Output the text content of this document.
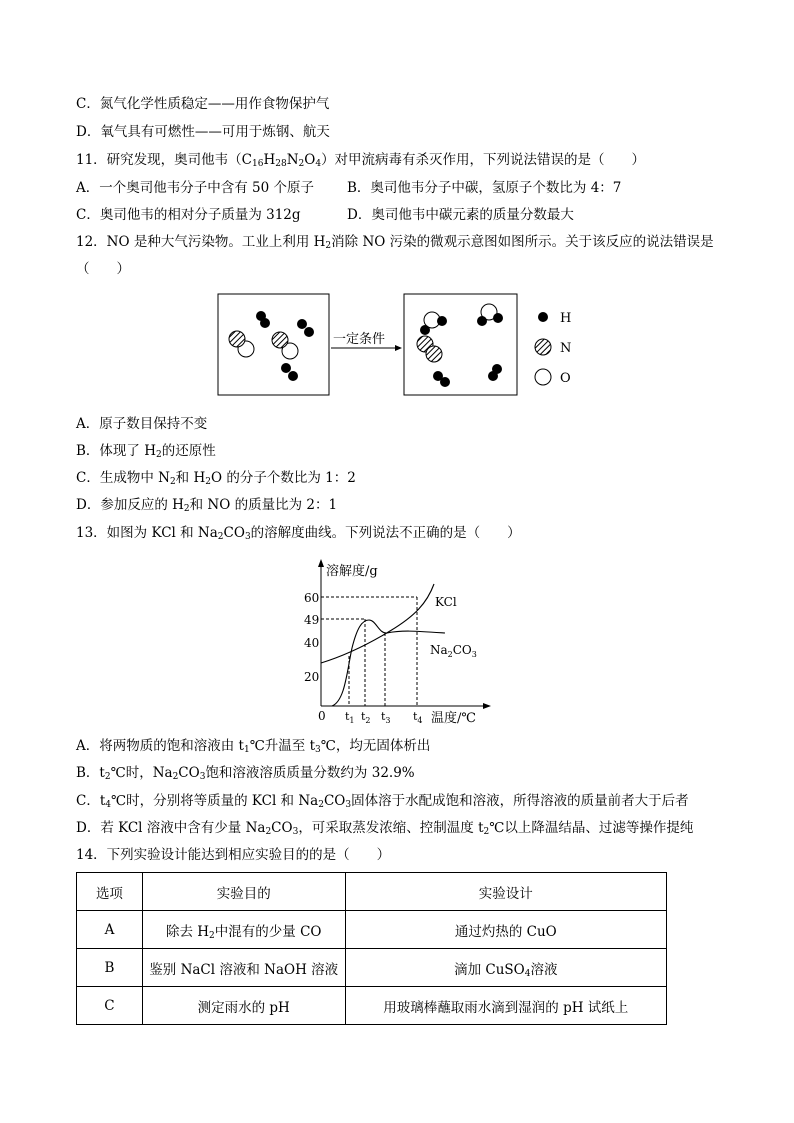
C．氮气化学性质稳定——用作食物保护气
D．氧气具有可燃性——可用于炼钢、航天
11．研究发现，奥司他韦$(C_{16}H_{28}N_2O_4)$对甲流病毒有杀灭作用，下列说法错误的是（　　）
A．一个奥司他韦分子中含有 50 个原子 B．奥司他韦分子中碳，氢原子个数比为 4：7
C．奥司他韦的相对分子质量为 312g	D．奥司他韦中碳元素的质量分数最大
12．NO 是种大气污染物。工业上利用 $H_2$消除 NO 污染的微观示意图如图所示。关于该反应的说法错误是
（　　）
一定条件
H
N
O
A．原子数目保持不变
B．体现了 $H_2$的还原性
C．生成物中 $N_2$和 $H_2O$ 的分子个数比为 1：2
D．参加反应的 $H_2$和 NO 的质量比为 2：1
13．如图为 KCl 和 $Na_2CO_3$的溶解度曲线。下列说法不正确的是（　　）
溶解度/g
温度/℃
0
20
40
49
60
$t_1$ $t_2$ $t_3$ $t_4$
KCl
$Na_2CO_3$
A．将两物质的饱和溶液由 $t_1℃$升温至 $t_3℃$，均无固体析出
B．$t_2℃$时，$Na_2CO_3$饱和溶液溶质质量分数约为 32.9%
C．$t_4℃$时，分别将等质量的 KCl 和 $Na_2CO_3$固体溶于水配成饱和溶液，所得溶液的质量前者大于后者
D．若 KCl 溶液中含有少量 $Na_2CO_3$，可采取蒸发浓缩、控制温度 $t_2℃$以上降温结晶、过滤等操作提纯
14．下列实验设计能达到相应实验目的的是（　　）
选项	实验目的	实验设计
A	除去 $H_2$中混有的少量 CO	通过灼热的 CuO
B	鉴别 NaCl 溶液和 NaOH 溶液	滴加 CuSO$_4$溶液
C	测定雨水的 pH	用玻璃棒蘸取雨水滴到湿润的 pH 试纸上
